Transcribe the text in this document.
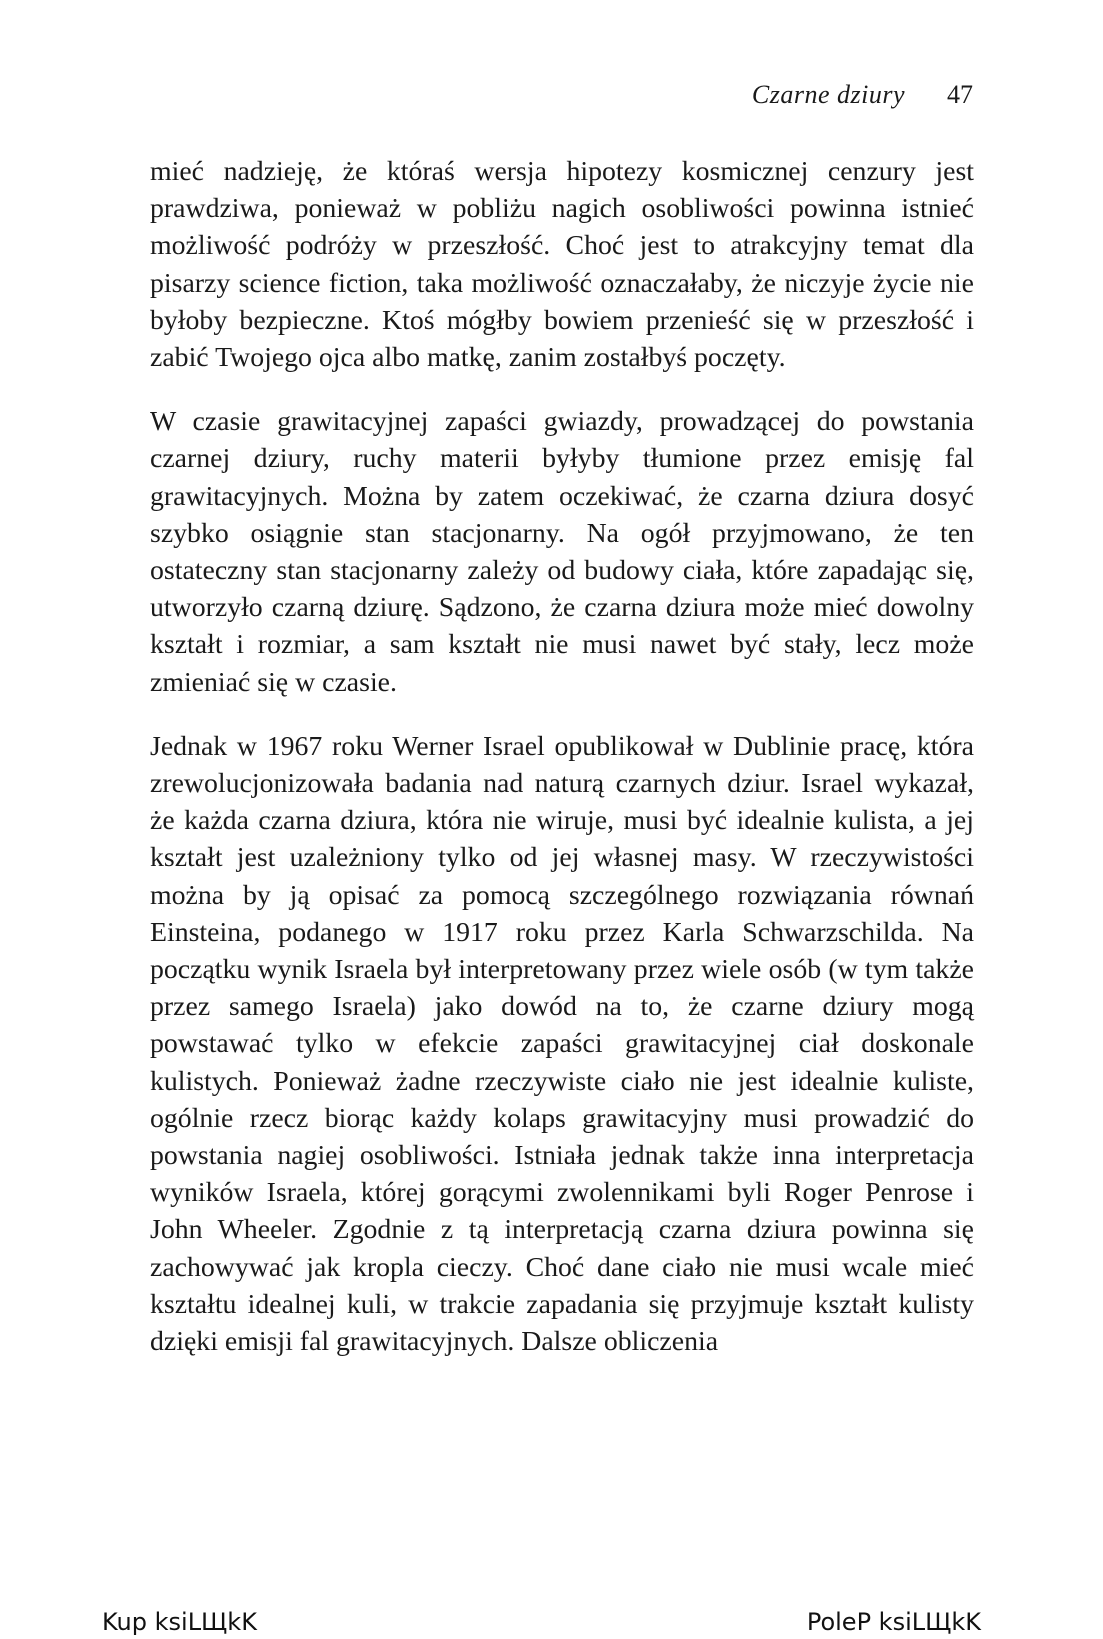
Czarne dziury 47

mieć nadzieję, że któraś wersja hipotezy kosmicznej cenzury jest prawdziwa, ponieważ w pobliżu nagich osobliwości powinna istnieć możliwość podróży w przeszłość. Choć jest to atrakcyjny temat dla pisarzy science fiction, taka możliwość oznaczałaby, że niczyje życie nie byłoby bezpieczne. Ktoś mógłby bowiem przenieść się w przeszłość i zabić Twojego ojca albo matkę, zanim zostałbyś poczęty.

W czasie grawitacyjnej zapaści gwiazdy, prowadzącej do powstania czarnej dziury, ruchy materii byłyby tłumione przez emisję fal grawitacyjnych. Można by zatem oczekiwać, że czarna dziura dosyć szybko osiągnie stan stacjonarny. Na ogół przyjmowano, że ten ostateczny stan stacjonarny zależy od budowy ciała, które zapadając się, utworzyło czarną dziurę. Sądzono, że czarna dziura może mieć dowolny kształt i rozmiar, a sam kształt nie musi nawet być stały, lecz może zmieniać się w czasie.

Jednak w 1967 roku Werner Israel opublikował w Dublinie pracę, która zrewolucjonizowała badania nad naturą czarnych dziur. Israel wykazał, że każda czarna dziura, która nie wiruje, musi być idealnie kulista, a jej kształt jest uzależniony tylko od jej własnej masy. W rzeczywistości można by ją opisać za pomocą szczególnego rozwiązania równań Einsteina, podanego w 1917 roku przez Karla Schwarzschilda. Na początku wynik Israela był interpretowany przez wiele osób (w tym także przez samego Israela) jako dowód na to, że czarne dziury mogą powstawać tylko w efekcie zapaści grawitacyjnej ciał doskonale kulistych. Ponieważ żadne rzeczywiste ciało nie jest idealnie kuliste, ogólnie rzecz biorąc każdy kolaps grawitacyjny musi prowadzić do powstania nagiej osobliwości. Istniała jednak także inna interpretacja wyników Israela, której gorącymi zwolennikami byli Roger Penrose i John Wheeler. Zgodnie z tą interpretacją czarna dziura powinna się zachowywać jak kropla cieczy. Choć dane ciało nie musi wcale mieć kształtu idealnej kuli, w trakcie zapadania się przyjmuje kształt kulisty dzięki emisji fal grawitacyjnych. Dalsze obliczenia

Kup ksiLЩkK	PoleP ksiLЩkK
